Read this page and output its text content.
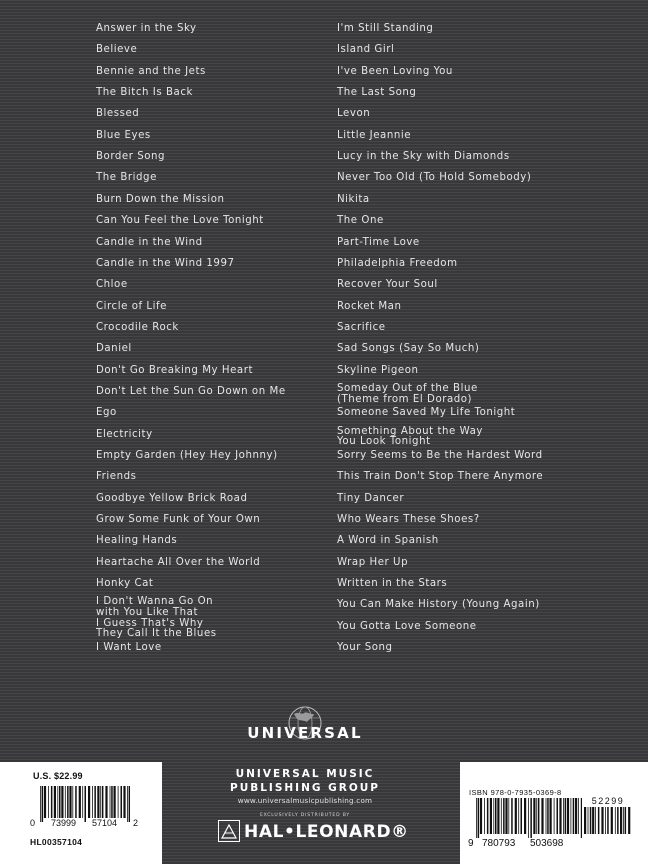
Answer in the Sky
Believe
Bennie and the Jets
The Bitch Is Back
Blessed
Blue Eyes
Border Song
The Bridge
Burn Down the Mission
Can You Feel the Love Tonight
Candle in the Wind
Candle in the Wind 1997
Chloe
Circle of Life
Crocodile Rock
Daniel
Don't Go Breaking My Heart
Don't Let the Sun Go Down on Me
Ego
Electricity
Empty Garden (Hey Hey Johnny)
Friends
Goodbye Yellow Brick Road
Grow Some Funk of Your Own
Healing Hands
Heartache All Over the World
Honky Cat
I Don't Wanna Go On
with You Like That
I Guess That's Why
They Call It the Blues
I Want Love
I'm Still Standing
Island Girl
I've Been Loving You
The Last Song
Levon
Little Jeannie
Lucy in the Sky with Diamonds
Never Too Old (To Hold Somebody)
Nikita
The One
Part-Time Love
Philadelphia Freedom
Recover Your Soul
Rocket Man
Sacrifice
Sad Songs (Say So Much)
Skyline Pigeon
Someday Out of the Blue
(Theme from El Dorado)
Someone Saved My Life Tonight
Something About the Way
You Look Tonight
Sorry Seems to Be the Hardest Word
This Train Don't Stop There Anymore
Tiny Dancer
Who Wears These Shoes?
A Word in Spanish
Wrap Her Up
Written in the Stars
You Can Make History (Young Again)
You Gotta Love Someone
Your Song
UNIVERSAL
UNIVERSAL MUSIC
PUBLISHING GROUP
www.universalmusicpublishing.com
EXCLUSIVELY DISTRIBUTED BY
HAL•LEONARD®
U.S. $22.99
0 73999 57104 2
HL00357104
ISBN 978-0-7935-0369-8
52299
9 780793 503698
